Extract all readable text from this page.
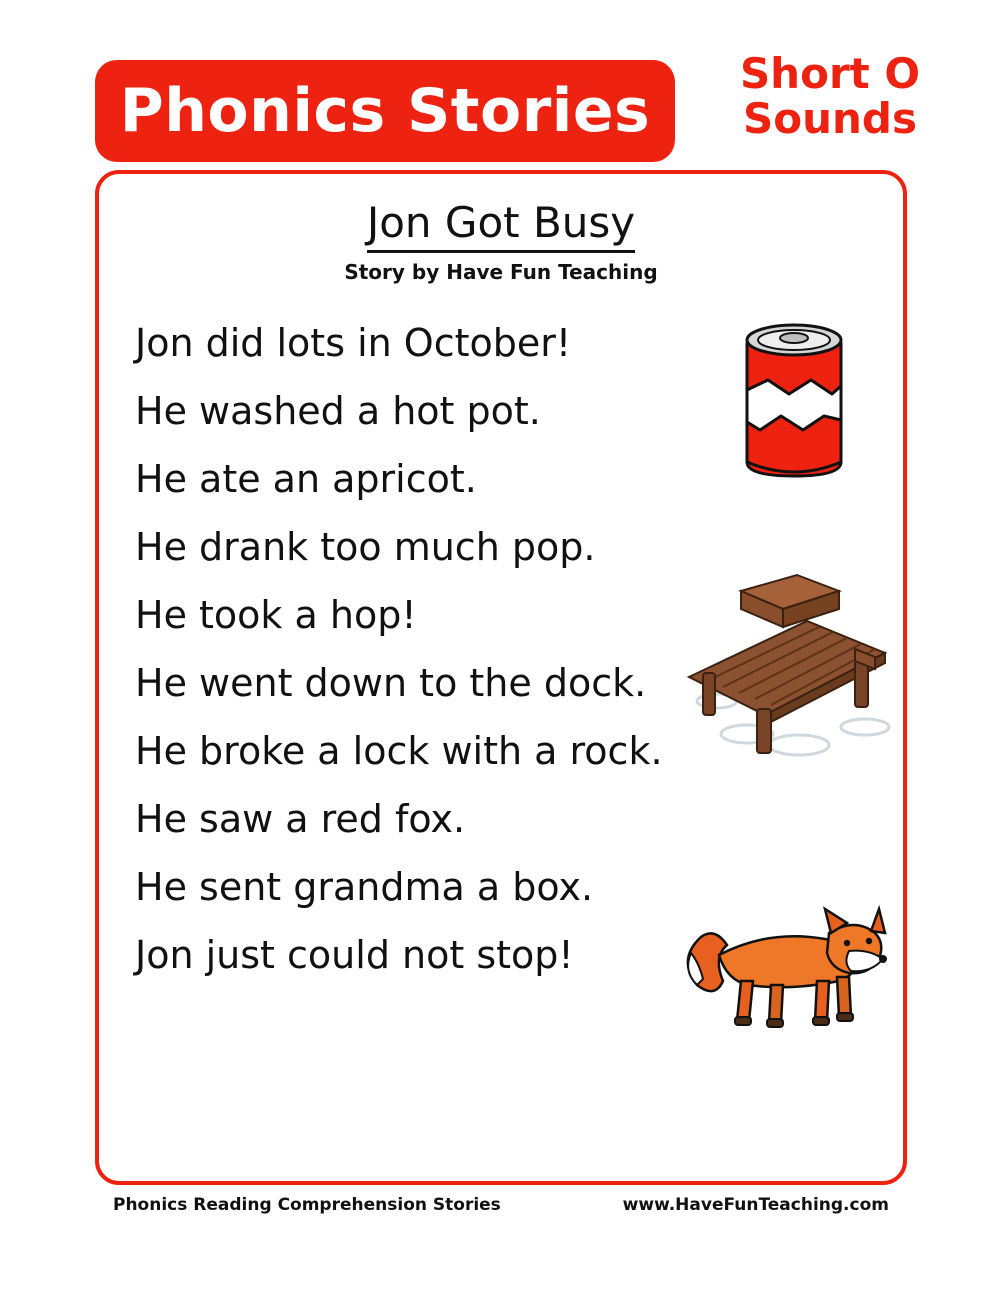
Phonics Stories
Short O
Sounds
Jon Got Busy
Story by Have Fun Teaching
Jon did lots in October!
He washed a hot pot.
He ate an apricot.
He drank too much pop.
He took a hop!
He went down to the dock.
He broke a lock with a rock.
He saw a red fox.
He sent grandma a box.
Jon just could not stop!
Phonics Reading Comprehension Stories	www.HaveFunTeaching.com
